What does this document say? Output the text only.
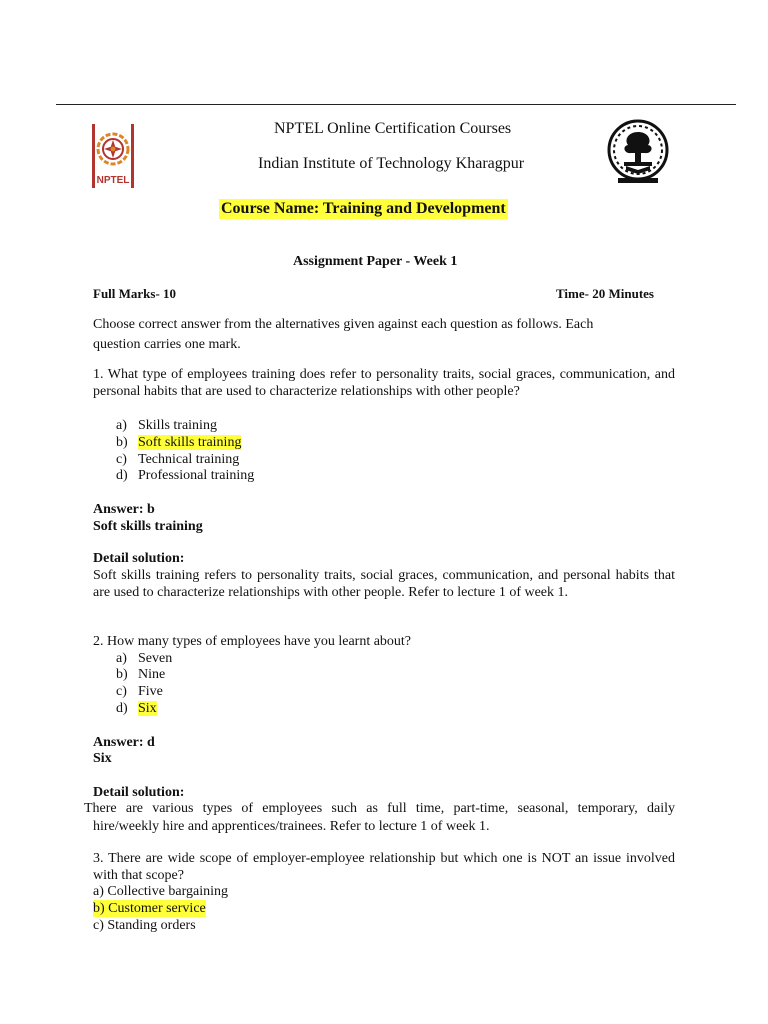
NPTEL
NPTEL Online Certification Courses
Indian Institute of Technology Kharagpur
Course Name: Training and Development
Assignment Paper - Week 1
Full Marks- 10	Time- 20 Minutes
Choose correct answer from the alternatives given against each question as follows. Each
question carries one mark.
1. What type of employees training does refer to personality traits, social graces, communication, and personal habits that are used to characterize relationships with other people?
a) Skills training
b) Soft skills training
c) Technical training
d) Professional training
Answer: b
Soft skills training
Detail solution:
Soft skills training refers to personality traits, social graces, communication, and personal habits that are used to characterize relationships with other people. Refer to lecture 1 of week 1.
2. How many types of employees have you learnt about?
a) Seven
b) Nine
c) Five
d) Six
Answer: d
Six
Detail solution:
There are various types of employees such as full time, part-time, seasonal, temporary, daily
hire/weekly hire and apprentices/trainees. Refer to lecture 1 of week 1.
3. There are wide scope of employer-employee relationship but which one is NOT an issue involved with that scope?
a) Collective bargaining
b) Customer service
c) Standing orders
